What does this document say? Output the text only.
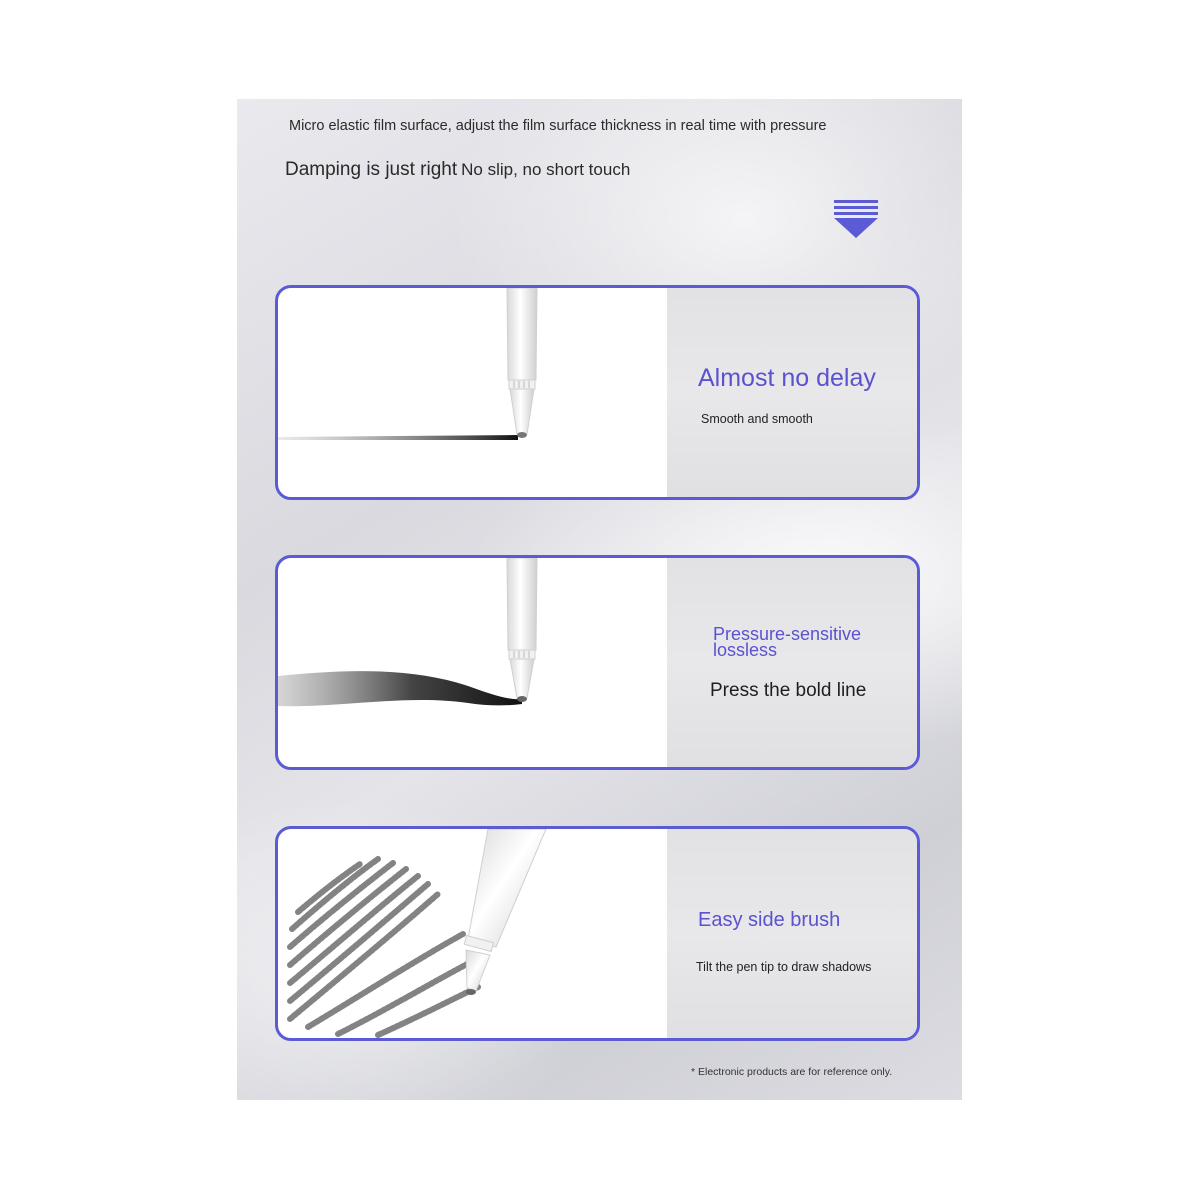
Micro elastic film surface, adjust the film surface thickness in real time with pressure
Damping is just right No slip, no short touch
Almost no delay
Smooth and smooth
Pressure-sensitive
lossless
Press the bold line
Easy side brush
Tilt the pen tip to draw shadows
* Electronic products are for reference only.
